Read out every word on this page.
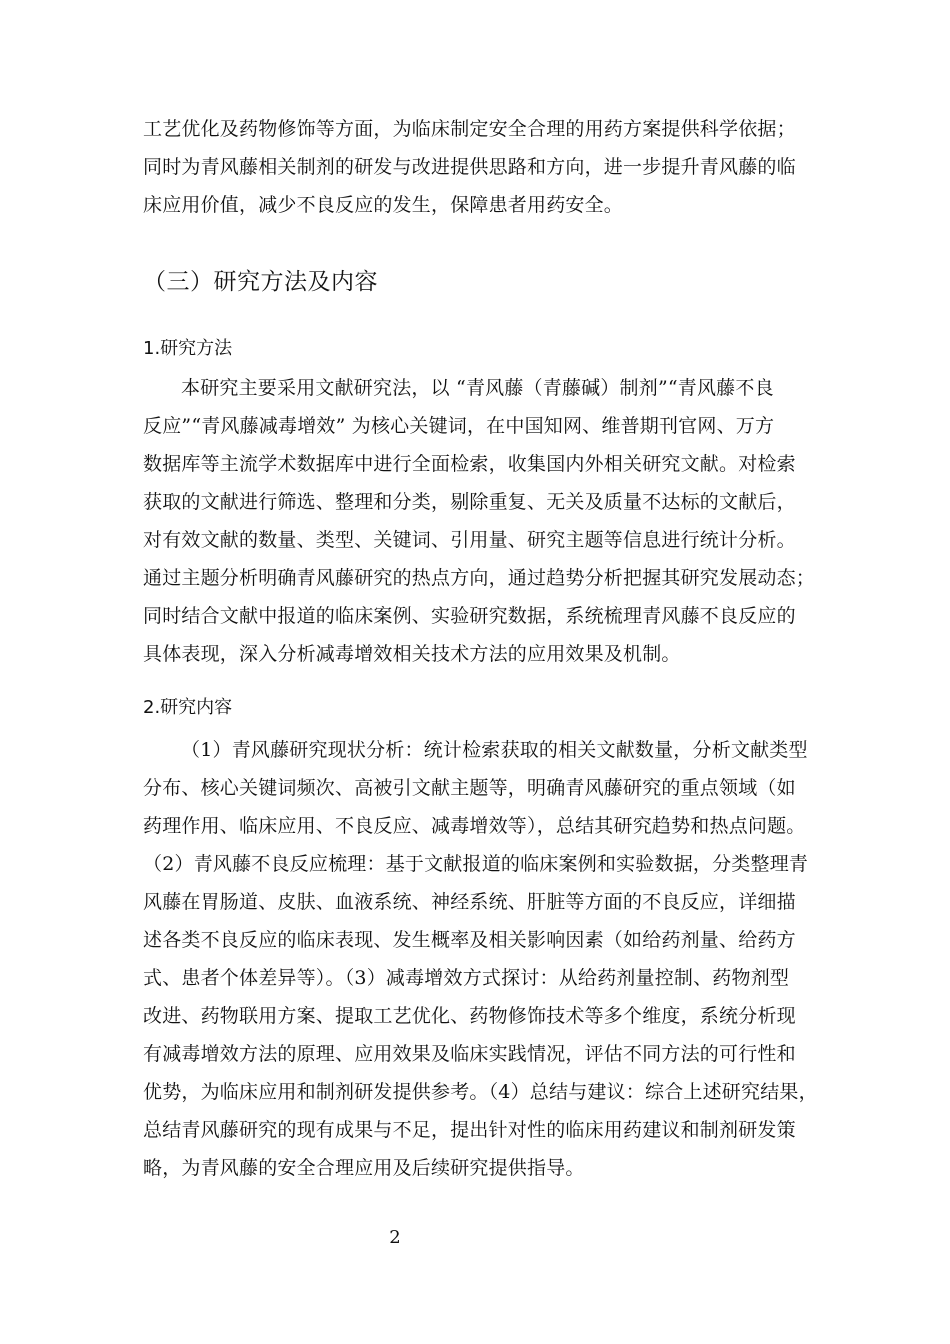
工艺优化及药物修饰等方面，为临床制定安全合理的用药方案提供科学依据；
同时为青风藤相关制剂的研发与改进提供思路和方向，进一步提升青风藤的临
床应用价值，减少不良反应的发生，保障患者用药安全。
（三）研究方法及内容
1.研究方法
本研究主要采用文献研究法，以 “青风藤（青藤碱）制剂”“青风藤不良
反应”“青风藤减毒增效” 为核心关键词，在中国知网、维普期刊官网、万方
数据库等主流学术数据库中进行全面检索，收集国内外相关研究文献。对检索
获取的文献进行筛选、整理和分类，剔除重复、无关及质量不达标的文献后，
对有效文献的数量、类型、关键词、引用量、研究主题等信息进行统计分析。
通过主题分析明确青风藤研究的热点方向，通过趋势分析把握其研究发展动态；
同时结合文献中报道的临床案例、实验研究数据，系统梳理青风藤不良反应的
具体表现，深入分析减毒增效相关技术方法的应用效果及机制。
2.研究内容
（1）青风藤研究现状分析：统计检索获取的相关文献数量，分析文献类型
分布、核心关键词频次、高被引文献主题等，明确青风藤研究的重点领域（如
药理作用、临床应用、不良反应、减毒增效等），总结其研究趋势和热点问题。
（2）青风藤不良反应梳理：基于文献报道的临床案例和实验数据，分类整理青
风藤在胃肠道、皮肤、血液系统、神经系统、肝脏等方面的不良反应，详细描
述各类不良反应的临床表现、发生概率及相关影响因素（如给药剂量、给药方
式、患者个体差异等）。（3）减毒增效方式探讨：从给药剂量控制、药物剂型
改进、药物联用方案、提取工艺优化、药物修饰技术等多个维度，系统分析现
有减毒增效方法的原理、应用效果及临床实践情况，评估不同方法的可行性和
优势，为临床应用和制剂研发提供参考。（4）总结与建议：综合上述研究结果，
总结青风藤研究的现有成果与不足，提出针对性的临床用药建议和制剂研发策
略，为青风藤的安全合理应用及后续研究提供指导。
2
